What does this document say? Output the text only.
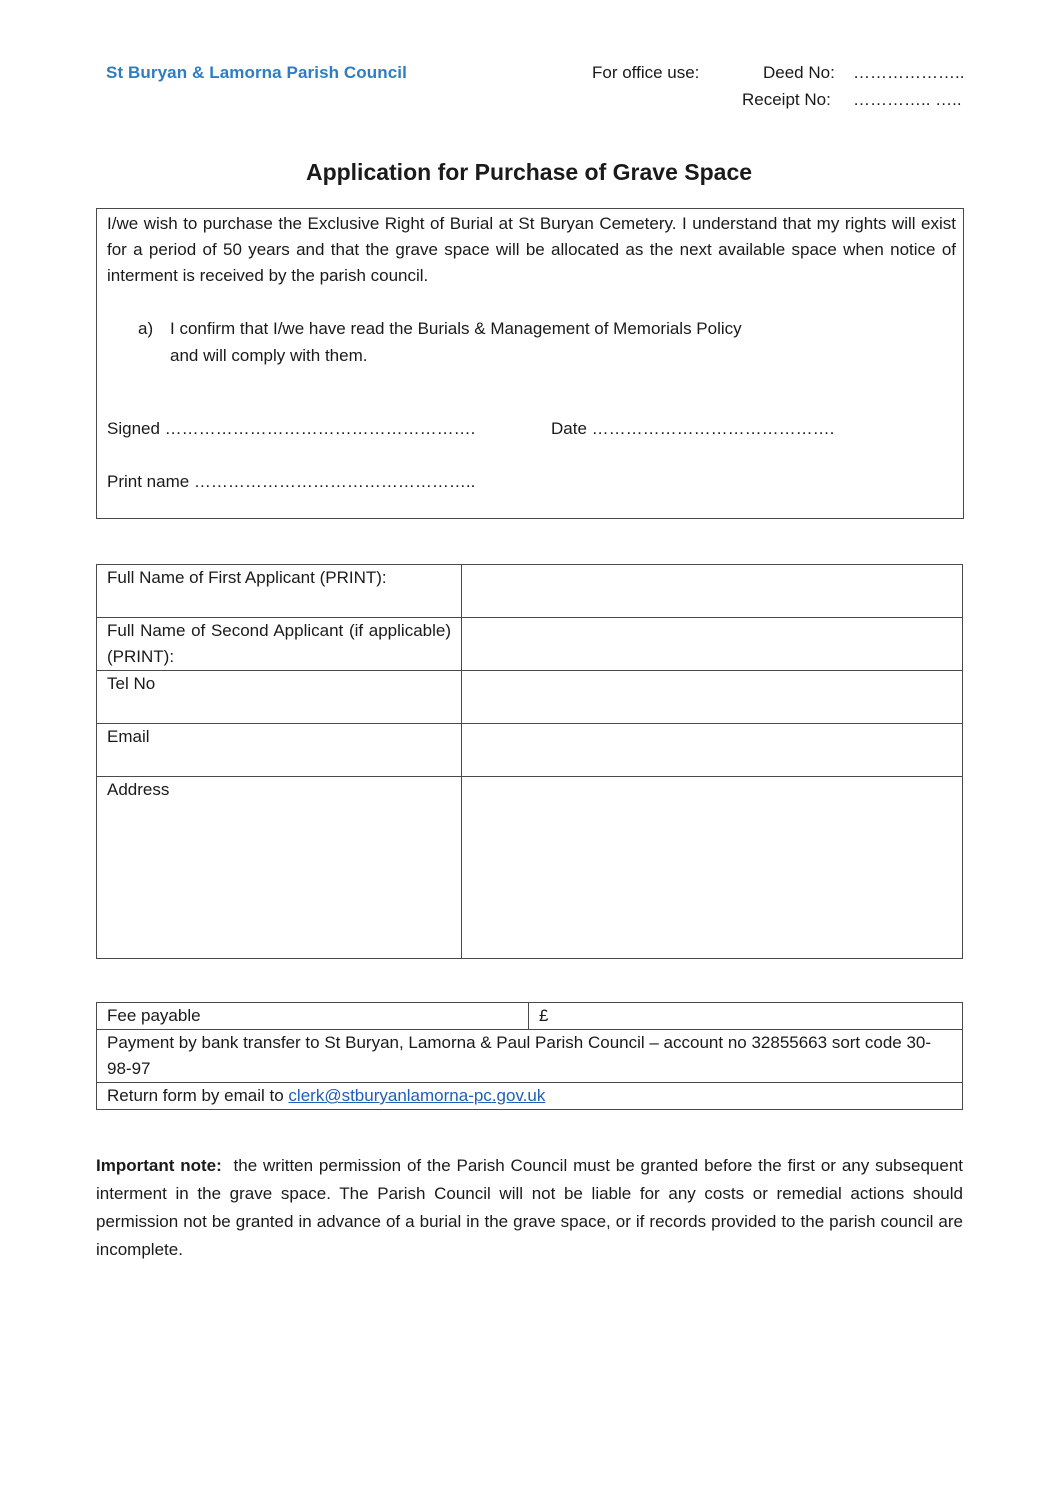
St Buryan & Lamorna Parish Council	For office use:	Deed No: ………………..
Receipt No: ………….. …..
Application for Purchase of Grave Space
I/we wish to purchase the Exclusive Right of Burial at St Buryan Cemetery. I understand that my rights will exist for a period of 50 years and that the grave space will be allocated as the next available space when notice of interment is received by the parish council.
a) I confirm that I/we have read the Burials & Management of Memorials Policy
and will comply with them.
Signed ……………………………………………….	Date …………………………………….
Print name …………………………………………..
Full Name of First Applicant (PRINT):	
Full Name of Second Applicant (if applicable) (PRINT):	
Tel No	
Email	
Address	
Fee payable	£
Payment by bank transfer to St Buryan, Lamorna & Paul Parish Council – account no 32855663 sort code 30-98-97
Return form by email to clerk@stburyanlamorna-pc.gov.uk
Important note: the written permission of the Parish Council must be granted before the first or any subsequent interment in the grave space. The Parish Council will not be liable for any costs or remedial actions should permission not be granted in advance of a burial in the grave space, or if records provided to the parish council are incomplete.
